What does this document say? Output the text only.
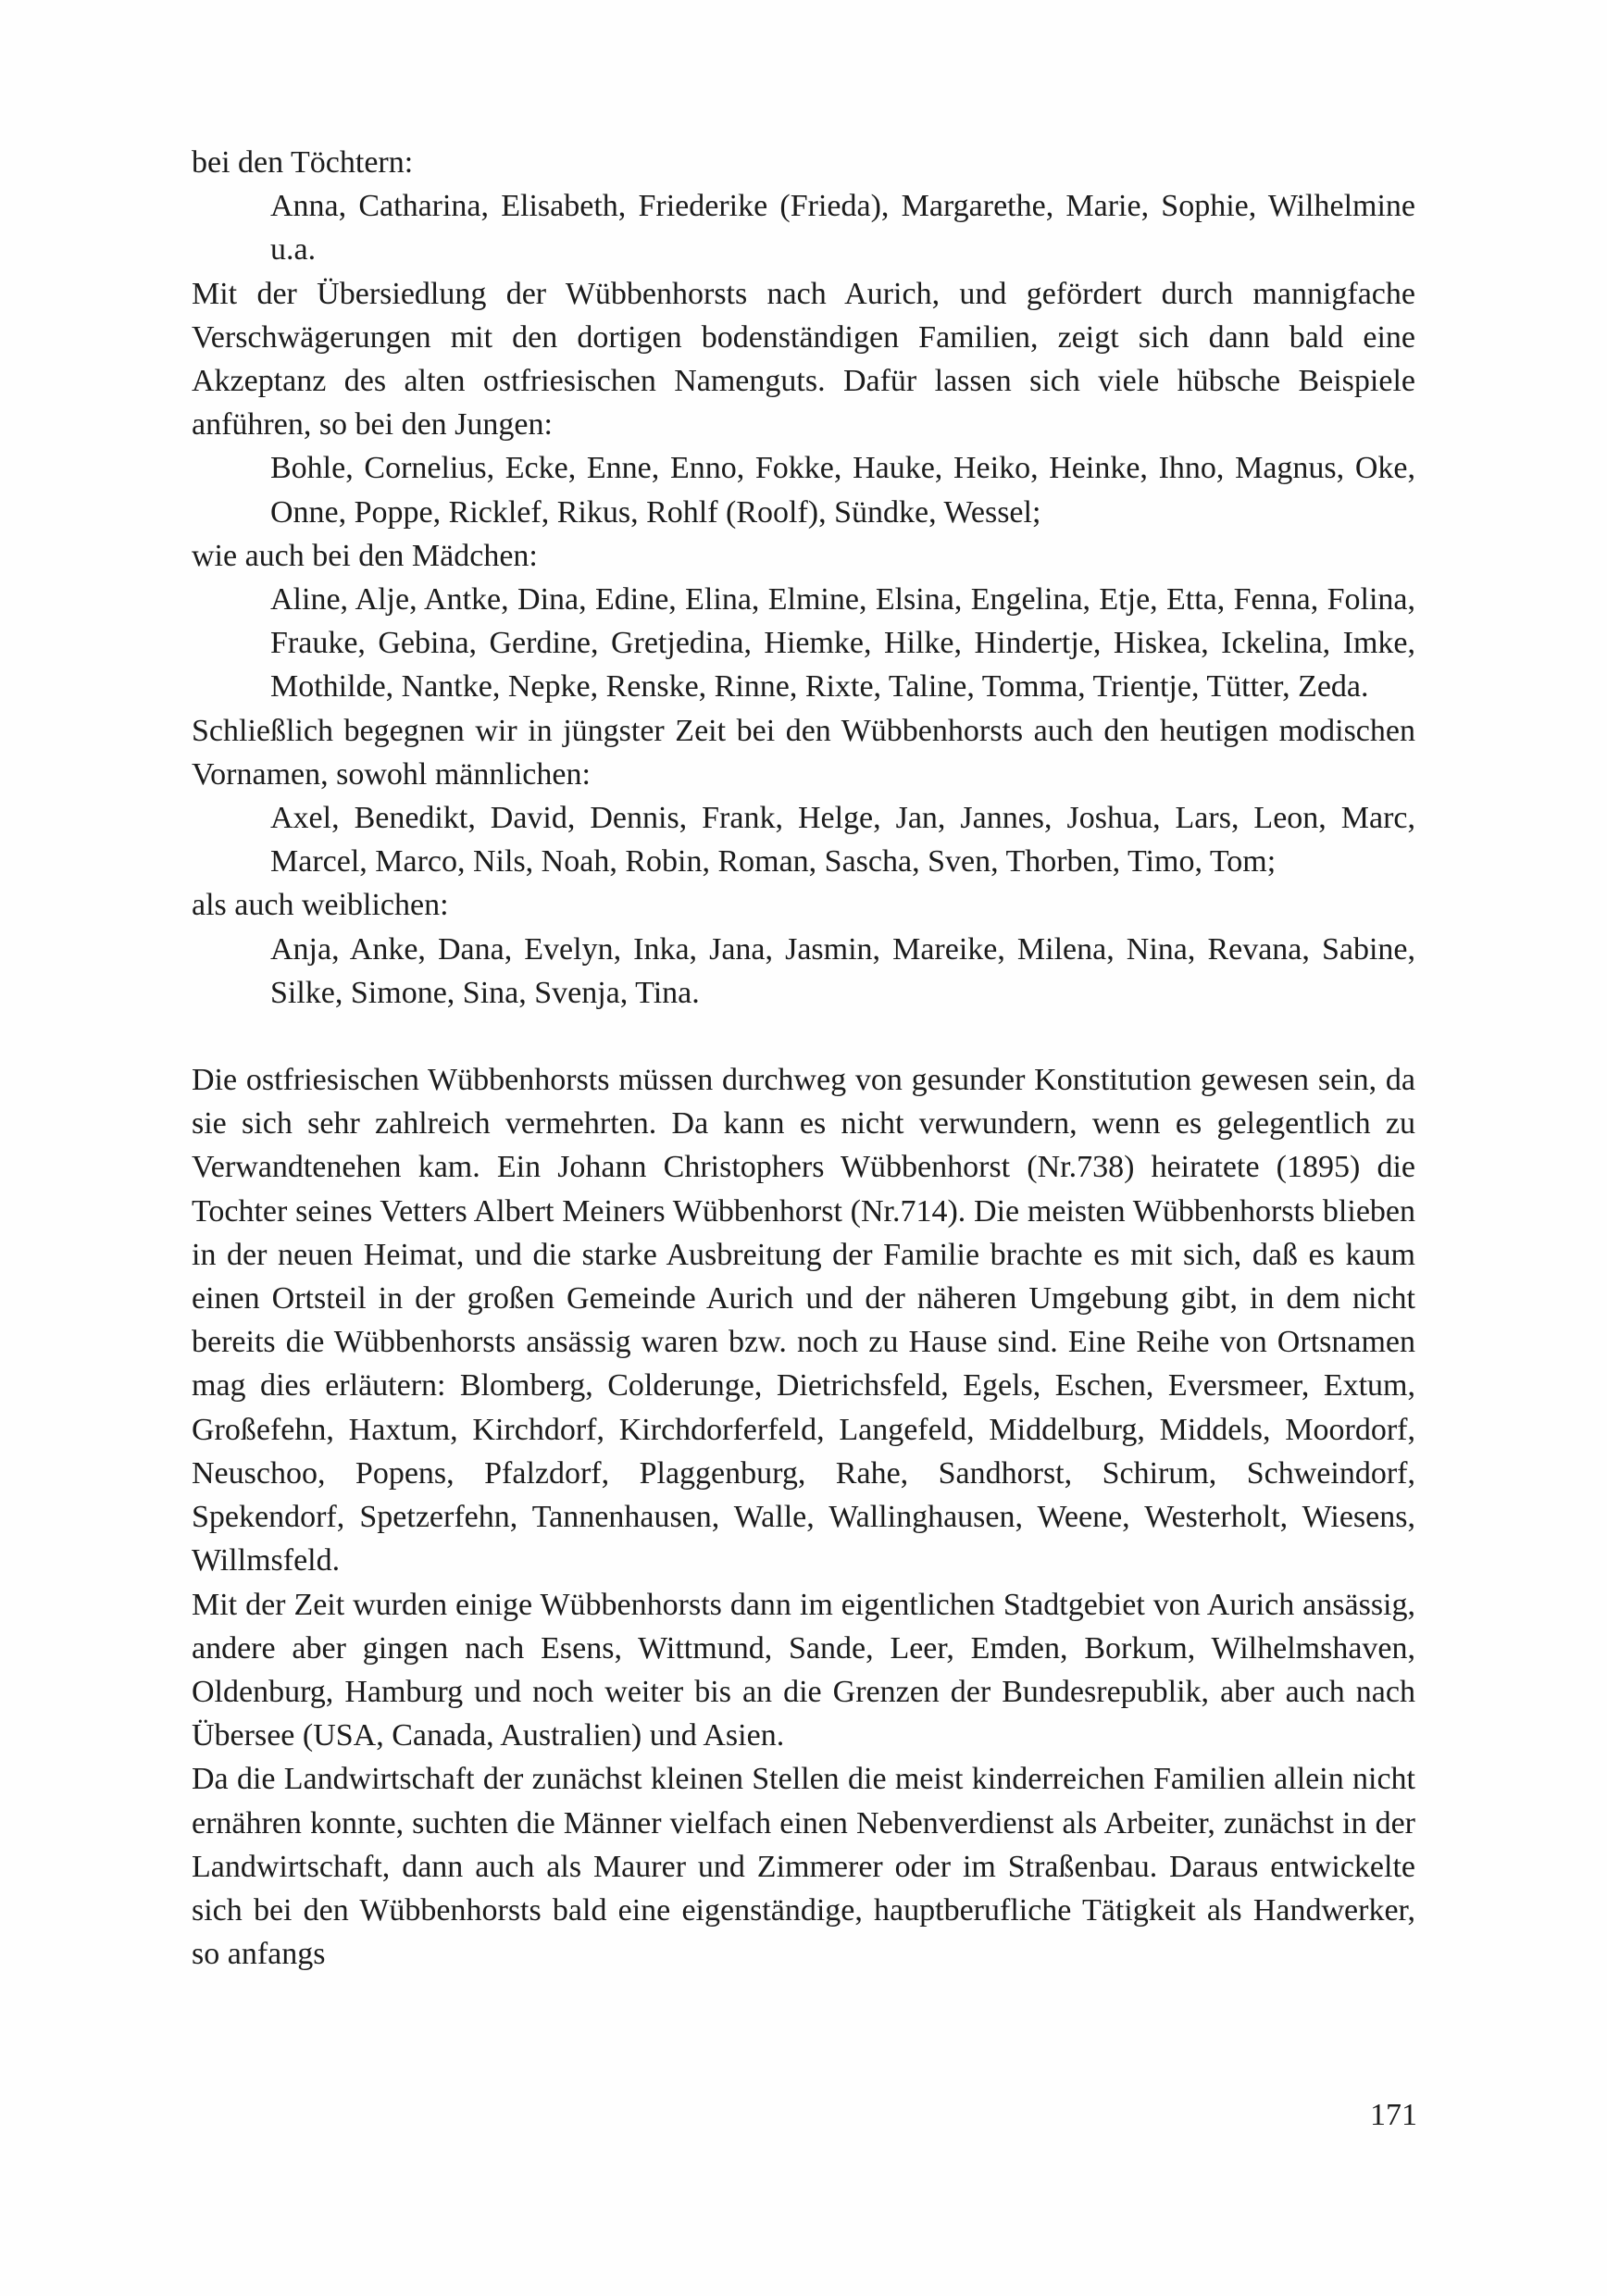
bei den Töchtern:

Anna, Catharina, Elisabeth, Friederike (Frieda), Margarethe, Marie, Sophie, Wilhelmine u.a.

Mit der Übersiedlung der Wübbenhorsts nach Aurich, und gefördert durch mannigfache Verschwägerungen mit den dortigen bodenständigen Familien, zeigt sich dann bald eine Akzeptanz des alten ostfriesischen Namenguts. Dafür lassen sich viele hübsche Beispiele anführen, so bei den Jungen:

Bohle, Cornelius, Ecke, Enne, Enno, Fokke, Hauke, Heiko, Heinke, Ihno, Magnus, Oke, Onne, Poppe, Ricklef, Rikus, Rohlf (Roolf), Sündke, Wessel;

wie auch bei den Mädchen:

Aline, Alje, Antke, Dina, Edine, Elina, Elmine, Elsina, Engelina, Etje, Etta, Fenna, Folina, Frauke, Gebina, Gerdine, Gretjedina, Hiemke, Hilke, Hindertje, Hiskea, Ickelina, Imke, Mothilde, Nantke, Nepke, Renske, Rinne, Rixte, Taline, Tomma, Trientje, Tütter, Zeda.

Schließlich begegnen wir in jüngster Zeit bei den Wübbenhorsts auch den heutigen modischen Vornamen, sowohl männlichen:

Axel, Benedikt, David, Dennis, Frank, Helge, Jan, Jannes, Joshua, Lars, Leon, Marc, Marcel, Marco, Nils, Noah, Robin, Roman, Sascha, Sven, Thorben, Timo, Tom;

als auch weiblichen:

Anja, Anke, Dana, Evelyn, Inka, Jana, Jasmin, Mareike, Milena, Nina, Revana, Sabine, Silke, Simone, Sina, Svenja, Tina.

Die ostfriesischen Wübbenhorsts müssen durchweg von gesunder Konstitution gewesen sein, da sie sich sehr zahlreich vermehrten. Da kann es nicht verwundern, wenn es gelegentlich zu Verwandtenehen kam. Ein Johann Christophers Wübbenhorst (Nr.738) heiratete (1895) die Tochter seines Vetters Albert Meiners Wübbenhorst (Nr.714). Die meisten Wübbenhorsts blieben in der neuen Heimat, und die starke Ausbreitung der Familie brachte es mit sich, daß es kaum einen Ortsteil in der großen Gemeinde Aurich und der näheren Umgebung gibt, in dem nicht bereits die Wübbenhorsts ansässig waren bzw. noch zu Hause sind. Eine Reihe von Ortsnamen mag dies erläutern: Blomberg, Colderunge, Dietrichsfeld, Egels, Eschen, Eversmeer, Extum, Großefehn, Haxtum, Kirchdorf, Kirchdorferfeld, Langefeld, Middelburg, Middels, Moordorf, Neuschoo, Popens, Pfalzdorf, Plaggenburg, Rahe, Sandhorst, Schirum, Schweindorf, Spekendorf, Spetzerfehn, Tannenhausen, Walle, Wallinghausen, Weene, Westerholt, Wiesens, Willmsfeld.

Mit der Zeit wurden einige Wübbenhorsts dann im eigentlichen Stadtgebiet von Aurich ansässig, andere aber gingen nach Esens, Wittmund, Sande, Leer, Emden, Borkum, Wilhelmshaven, Oldenburg, Hamburg und noch weiter bis an die Grenzen der Bundesrepublik, aber auch nach Übersee (USA, Canada, Australien) und Asien.

Da die Landwirtschaft der zunächst kleinen Stellen die meist kinderreichen Familien allein nicht ernähren konnte, suchten die Männer vielfach einen Nebenverdienst als Arbeiter, zunächst in der Landwirtschaft, dann auch als Maurer und Zimmerer oder im Straßenbau. Daraus entwickelte sich bei den Wübbenhorsts bald eine eigenständige, hauptberufliche Tätigkeit als Handwerker, so anfangs

171
